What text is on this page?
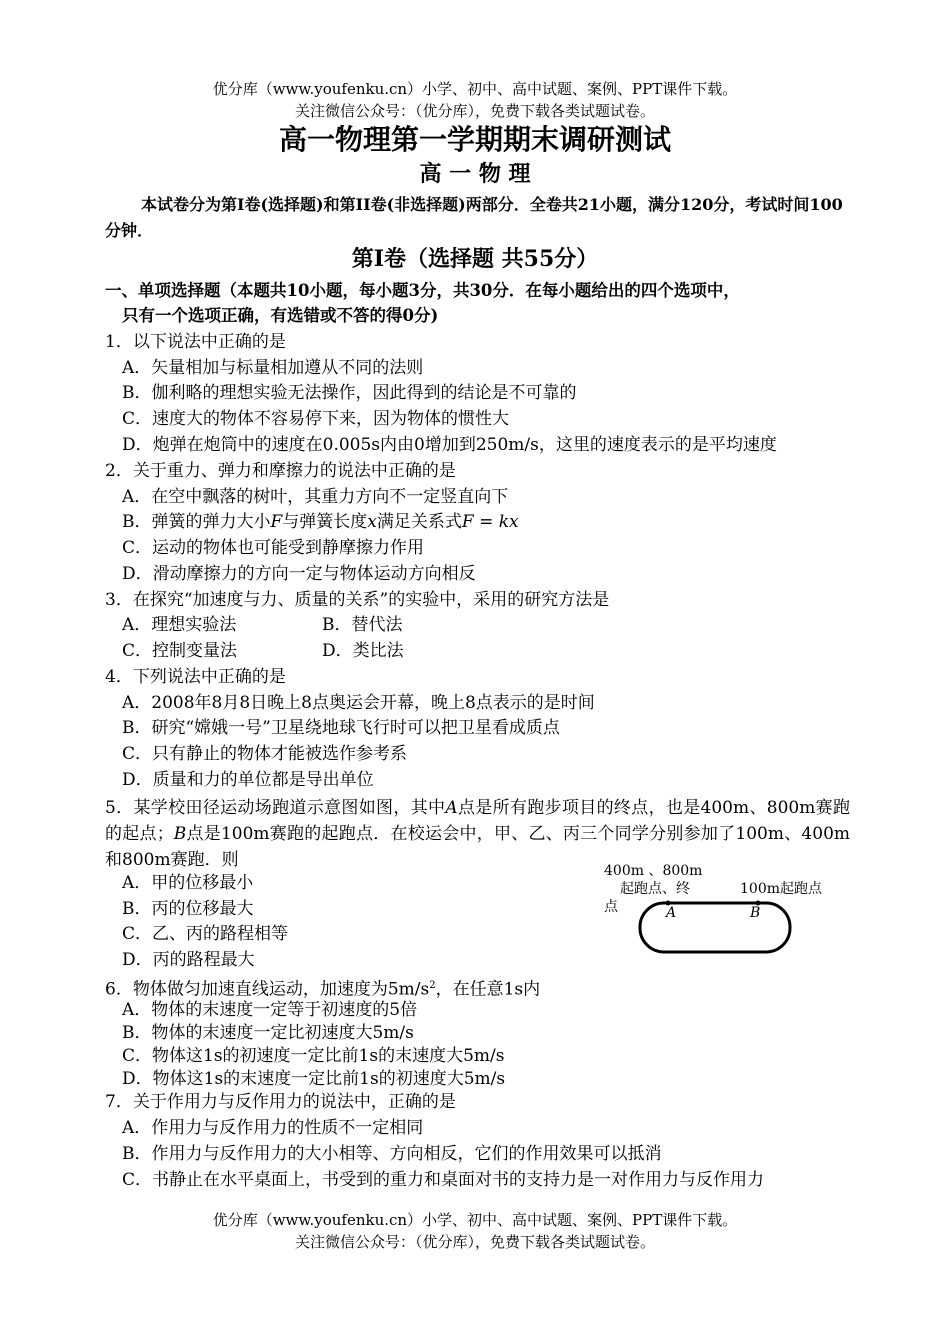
优分库（www.youfenku.cn）小学、初中、高中试题、案例、PPT课件下载。
关注微信公众号：（优分库），免费下载各类试题试卷。
高一物理第一学期期末调研测试
高 一 物 理
本试卷分为第I卷(选择题)和第II卷(非选择题)两部分．全卷共21小题，满分120分，考试时间100分钟．
第I卷（选择题 共55分）
一、单项选择题（本题共10小题，每小题3分，共30分．在每小题给出的四个选项中，
只有一个选项正确，有选错或不答的得0分)
1．以下说法中正确的是
A．矢量相加与标量相加遵从不同的法则
B．伽利略的理想实验无法操作，因此得到的结论是不可靠的
C．速度大的物体不容易停下来，因为物体的惯性大
D．炮弹在炮筒中的速度在0.005s内由0增加到250m/s，这里的速度表示的是平均速度
2．关于重力、弹力和摩擦力的说法中正确的是
A．在空中飘落的树叶，其重力方向不一定竖直向下
B．弹簧的弹力大小F与弹簧长度x满足关系式F = kx
C．运动的物体也可能受到静摩擦力作用
D．滑动摩擦力的方向一定与物体运动方向相反
3．在探究“加速度与力、质量的关系”的实验中，采用的研究方法是
A．理想实验法	B．替代法
C．控制变量法	D．类比法
4．下列说法中正确的是
A．2008年8月8日晚上8点奥运会开幕，晚上8点表示的是时间
B．研究“嫦娥一号”卫星绕地球飞行时可以把卫星看成质点
C．只有静止的物体才能被选作参考系
D．质量和力的单位都是导出单位
5．某学校田径运动场跑道示意图如图，其中A点是所有跑步项目的终点，也是400m、800m赛跑的起点；B点是100m赛跑的起跑点．在校运会中，甲、乙、丙三个同学分别参加了100m、400m和800m赛跑．则
A．甲的位移最小
B．丙的位移最大
C．乙、丙的路程相等
D．丙的路程最大
400m 、800m
起跑点、终
点
100m起跑点
A	B
6．物体做匀加速直线运动，加速度为$5m/s^2$，在任意1s内
A．物体的末速度一定等于初速度的5倍
B．物体的末速度一定比初速度大5m/s
C．物体这1s的初速度一定比前1s的末速度大5m/s
D．物体这1s的末速度一定比前1s的初速度大5m/s
7．关于作用力与反作用力的说法中，正确的是
A．作用力与反作用力的性质不一定相同
B．作用力与反作用力的大小相等、方向相反，它们的作用效果可以抵消
C．书静止在水平桌面上，书受到的重力和桌面对书的支持力是一对作用力与反作用力
优分库（www.youfenku.cn）小学、初中、高中试题、案例、PPT课件下载。
关注微信公众号：（优分库），免费下载各类试题试卷。
